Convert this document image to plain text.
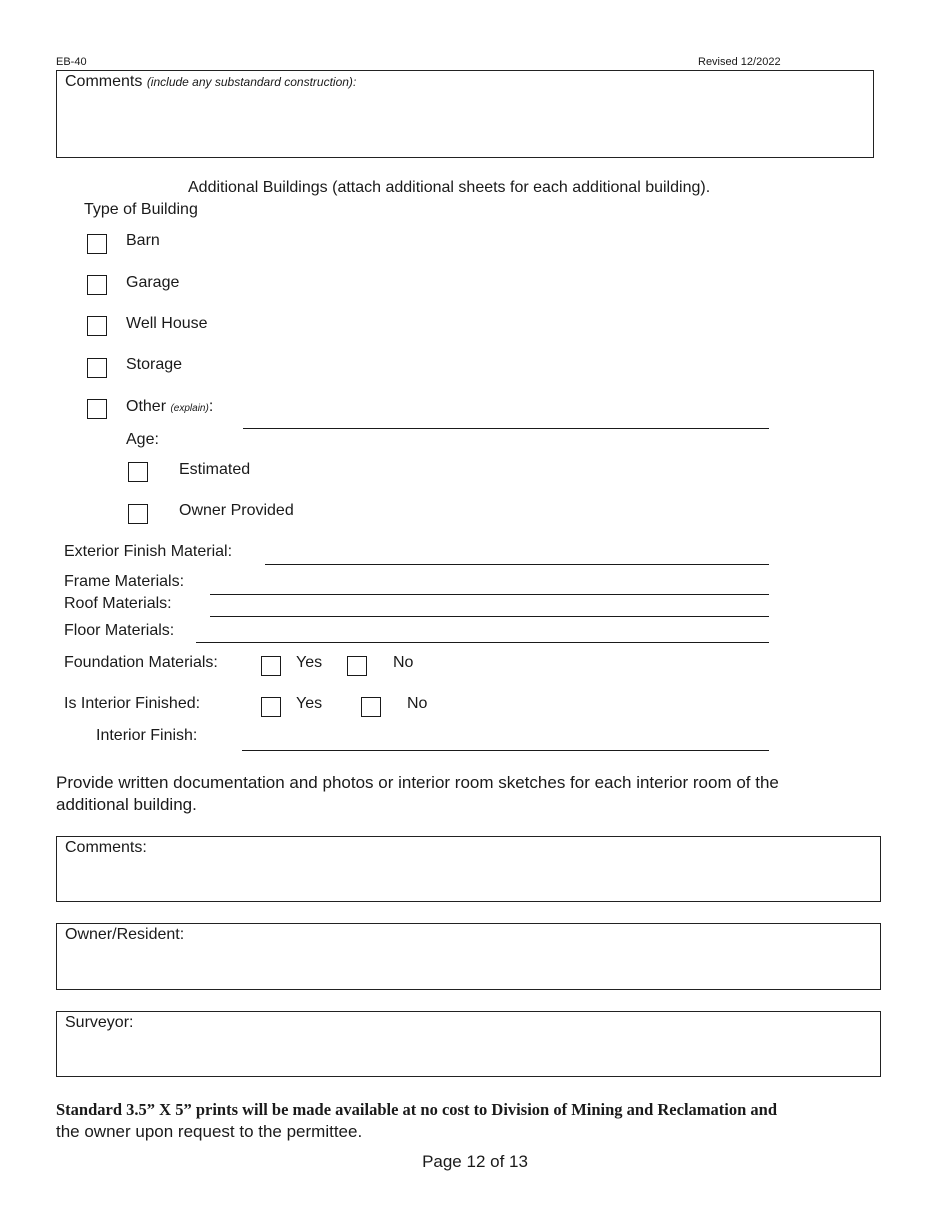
EB-40	Revised 12/2022
Comments (include any substandard construction):
Additional Buildings (attach additional sheets for each additional building).
Type of Building
Barn
Garage
Well House
Storage
Other (explain):
Age:
Estimated
Owner Provided
Exterior Finish Material:
Frame Materials:
Roof Materials:
Floor Materials:
Foundation Materials:	Yes	No
Is Interior Finished:	Yes	No
Interior Finish:
Provide written documentation and photos or interior room sketches for each interior room of the
additional building.
Comments:
Owner/Resident:
Surveyor:
Standard 3.5” X 5” prints will be made available at no cost to Division of Mining and Reclamation and
the owner upon request to the permittee.
Page 12 of 13
